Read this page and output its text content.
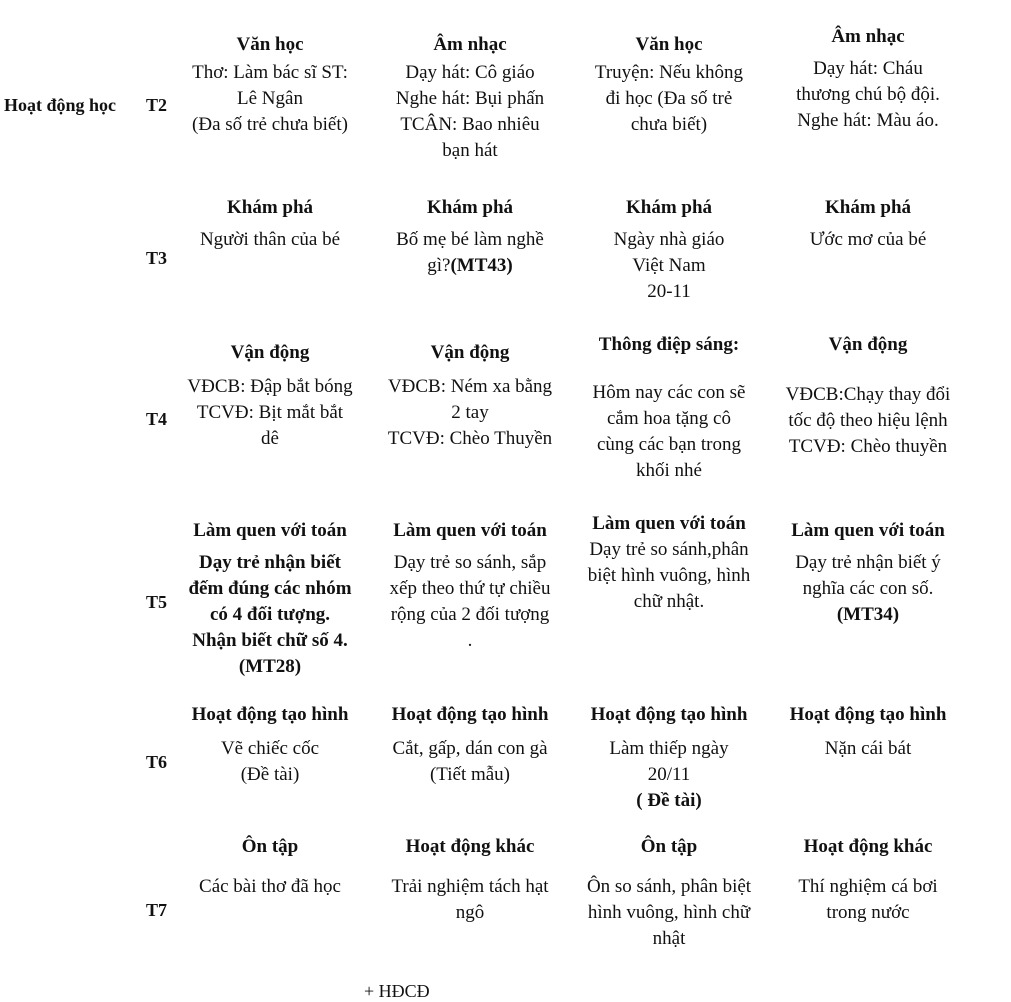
Hoạt động học	T2
T3
T4
T5
T6
T7
Văn học
Thơ: Làm bác sĩ ST:
Lê Ngân
(Đa số trẻ chưa biết)
Âm nhạc
Dạy hát: Cô giáo
Nghe hát: Bụi phấn
TCÂN: Bao nhiêu
bạn hát
Văn học
Truyện: Nếu không
đi học (Đa số trẻ
chưa biết)
Âm nhạc
Dạy hát: Cháu
thương chú bộ đội.
Nghe hát: Màu áo.
Khám phá
Người thân của bé
Khám phá
Bố mẹ bé làm nghề
gì?(MT43)
Khám phá
Ngày nhà giáo
Việt Nam
20-11
Khám phá
Ước mơ của bé
Vận động
VĐCB: Đập bắt bóng
TCVĐ: Bịt mắt bắt
dê
Vận động
VĐCB: Ném xa bằng
2 tay
TCVĐ: Chèo Thuyền
Thông điệp sáng:
Hôm nay các con sẽ
cắm hoa tặng cô
cùng các bạn trong
khối nhé
Vận động
VĐCB:Chạy thay đổi
tốc độ theo hiệu lệnh
TCVĐ: Chèo thuyền
Làm quen với toán
Dạy trẻ nhận biết
đếm đúng các nhóm
có 4 đối tượng.
Nhận biết chữ số 4.
(MT28)
Làm quen với toán
Dạy trẻ so sánh, sắp
xếp theo thứ tự chiều
rộng của 2 đối tượng
.
Làm quen với toán
Dạy trẻ so sánh,phân
biệt hình vuông, hình
chữ nhật.
Làm quen với toán
Dạy trẻ nhận biết ý
nghĩa các con số.
(MT34)
Hoạt động tạo hình
Vẽ chiếc cốc
(Đề tài)
Hoạt động tạo hình
Cắt, gấp, dán con gà
(Tiết mẫu)
Hoạt động tạo hình
Làm thiếp ngày
20/11
( Đề tài)
Hoạt động tạo hình
Nặn cái bát
Ôn tập
Các bài thơ đã học
Hoạt động khác
Trải nghiệm tách hạt
ngô
Ôn tập
Ôn so sánh, phân biệt
hình vuông, hình chữ
nhật
Hoạt động khác
Thí nghiệm cá bơi
trong nước
+ HĐCĐ
